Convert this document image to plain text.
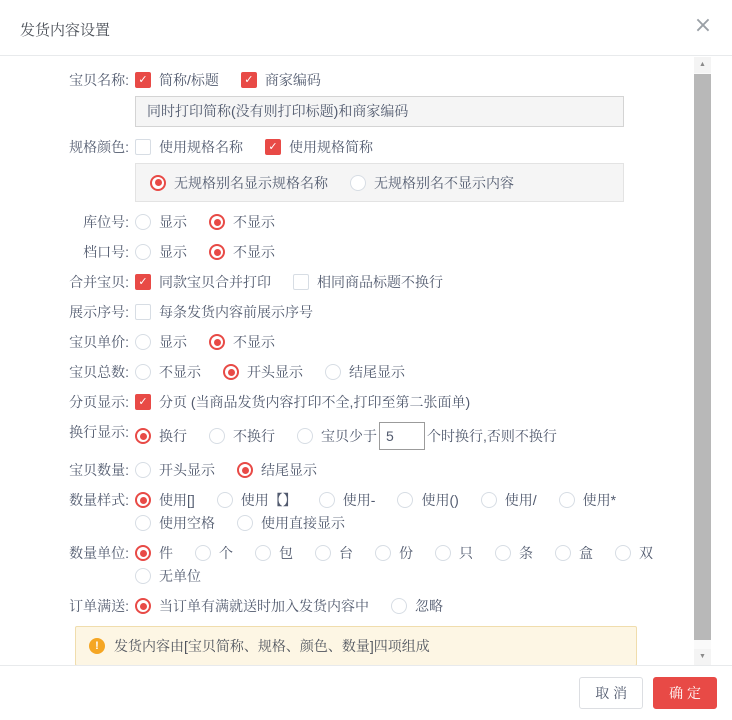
发货内容设置	×
宝贝名称: ✓ 简称/标题	✓ 商家编码
同时打印简称(没有则打印标题)和商家编码
规格颜色: 使用规格名称	✓ 使用规格简称
无规格别名显示规格名称	无规格别名不显示内容
库位号: 显示	不显示
档口号: 显示	不显示
合并宝贝: ✓ 同款宝贝合并打印	相同商品标题不换行
展示序号: 每条发货内容前展示序号
宝贝单价: 显示	不显示
宝贝总数: 不显示	开头显示	结尾显示
分页显示: ✓ 分页 (当商品发货内容打印不全,打印至第二张面单)
换行显示: 换行	不换行	宝贝少于
5	个时换行,否则不换行
宝贝数量: 开头显示	结尾显示
数量样式: 使用[]	使用【】	使用-	使用()	使用/	使用*
使用空格	使用直接显示
数量单位: 件	个	包	台	份	只	条	盒	双
无单位
订单满送: 当订单有满就送时加入发货内容中	忽略
!	发货内容由[宝贝简称、规格、颜色、数量]四项组成
▲
▼
取 消	确 定
